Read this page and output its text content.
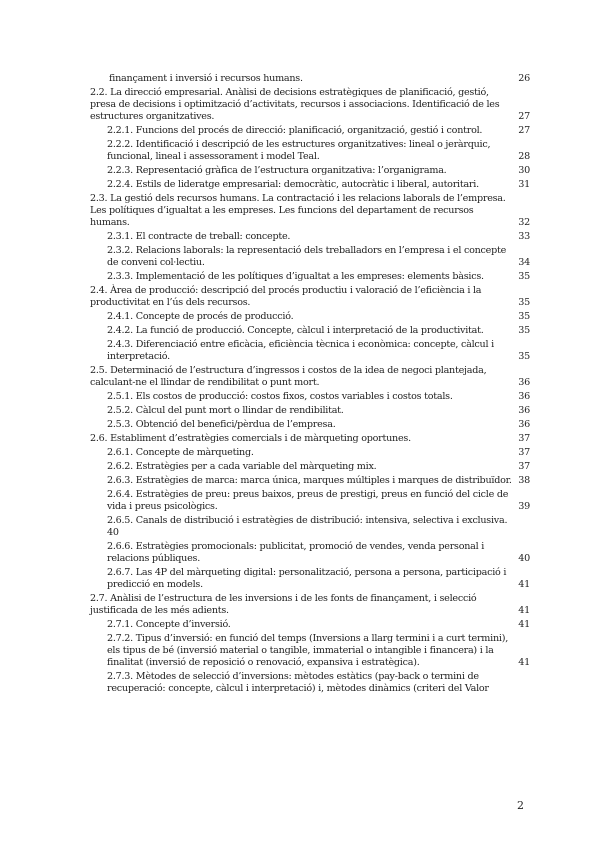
finançament i inversió i recursos humans.	26
2.2. La direcció empresarial. Anàlisi de decisions estratègiques de planificació, gestió, presa de decisions i optimització d’activitats, recursos i associacions. Identificació de les estructures organitzatives.	27
2.2.1. Funcions del procés de direcció: planificació, organització, gestió i control.	27
2.2.2. Identificació i descripció de les estructures organitzatives: lineal o jeràrquic, funcional, lineal i assessorament i model Teal.	28
2.2.3. Representació gràfica de l’estructura organitzativa: l’organigrama.	30
2.2.4. Estils de lideratge empresarial: democràtic, autocràtic i liberal, autoritari.	31
2.3. La gestió dels recursos humans. La contractació i les relacions laborals de l’empresa. Les polítiques d’igualtat a les empreses. Les funcions del departament de recursos humans.	32
2.3.1. El contracte de treball: concepte.	33
2.3.2. Relacions laborals: la representació dels treballadors en l’empresa i el concepte de conveni col·lectiu.	34
2.3.3. Implementació de les polítiques d’igualtat a les empreses: elements bàsics.	35
2.4. Àrea de producció: descripció del procés productiu i valoració de l’eficiència i la productivitat en l’ús dels recursos.	35
2.4.1. Concepte de procés de producció.	35
2.4.2. La funció de producció. Concepte, càlcul i interpretació de la productivitat.	35
2.4.3. Diferenciació entre eficàcia, eficiència tècnica i econòmica: concepte, càlcul i interpretació.	35
2.5. Determinació de l’estructura d’ingressos i costos de la idea de negoci plantejada, calculant-ne el llindar de rendibilitat o punt mort.	36
2.5.1. Els costos de producció: costos fixos, costos variables i costos totals.	36
2.5.2. Càlcul del punt mort o llindar de rendibilitat.	36
2.5.3. Obtenció del benefici/pèrdua de l’empresa.	36
2.6. Establiment d’estratègies comercials i de màrqueting oportunes.	37
2.6.1. Concepte de màrqueting.	37
2.6.2. Estratègies per a cada variable del màrqueting mix.	37
2.6.3. Estratègies de marca: marca única, marques múltiples i marques de distribuïdor. 38
2.6.4. Estratègies de preu: preus baixos, preus de prestigi, preus en funció del cicle de vida i preus psicològics.	39
2.6.5. Canals de distribució i estratègies de distribució: intensiva, selectiva i exclusiva. 40
2.6.6. Estratègies promocionals: publicitat, promoció de vendes, venda personal i relacions públiques.	40
2.6.7. Las 4P del màrqueting digital: personalització, persona a persona, participació i predicció en models.	41
2.7. Anàlisi de l’estructura de les inversions i de les fonts de finançament, i selecció justificada de les més adients.	41
2.7.1. Concepte d’inversió.	41
2.7.2. Tipus d’inversió: en funció del temps (Inversions a llarg termini i a curt termini), els tipus de bé (inversió material o tangible, immaterial o intangible i financera) i la finalitat (inversió de reposició o renovació, expansiva i estratègica).	41
2.7.3. Mètodes de selecció d’inversions: mètodes estàtics (pay-back o termini de recuperació: concepte, càlcul i interpretació) i, mètodes dinàmics (criteri del Valor
2
